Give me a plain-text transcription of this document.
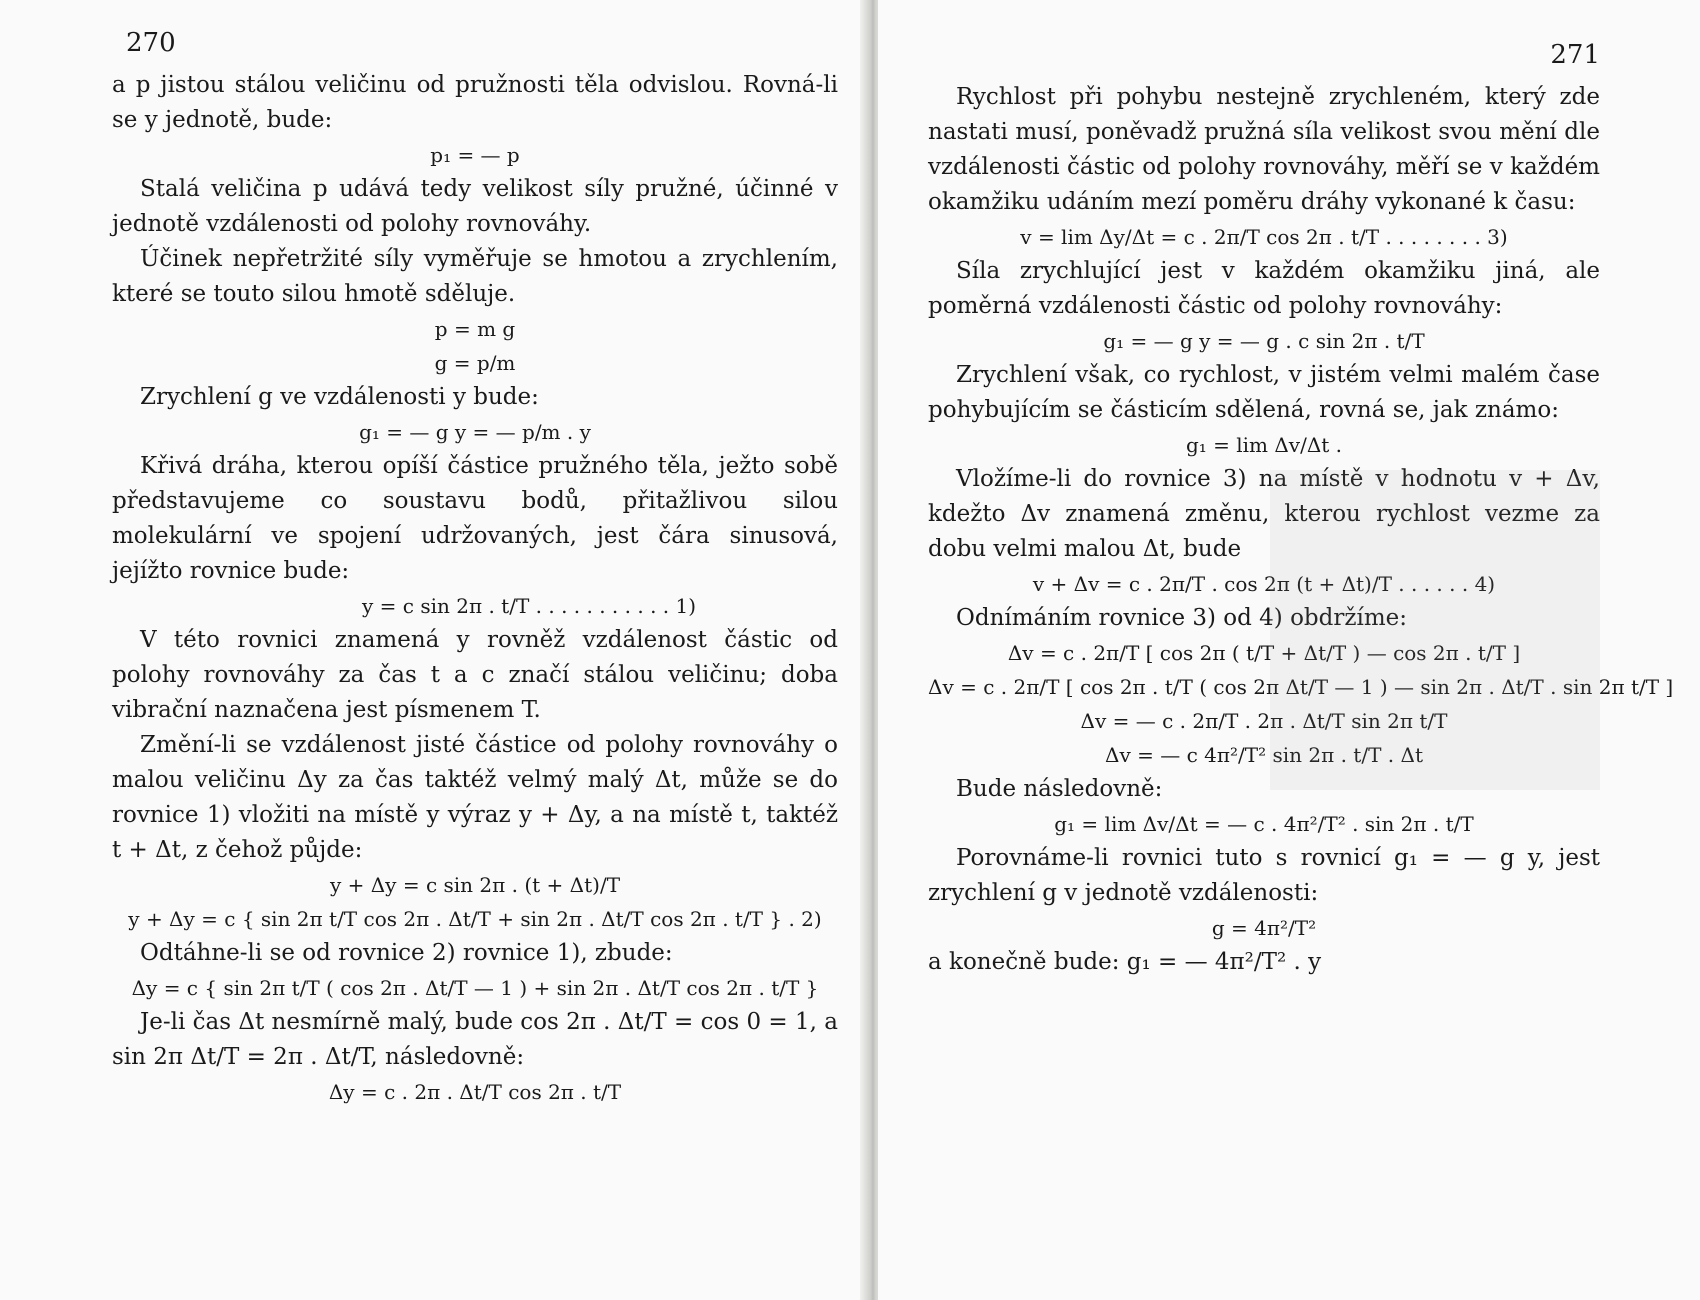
270

a p jistou stálou veličinu od pružnosti těla odvislou. Rovná-li se y jednotě, bude:

p₁ = — p

Stalá veličina p udává tedy velikost síly pružné, účinné v jednotě vzdálenosti od polohy rovnováhy.

Účinek nepřetržité síly vyměřuje se hmotou a zrychlením, které se touto silou hmotě sděluje.

p = m g
g = p/m

Zrychlení g ve vzdálenosti y bude:

g₁ = — g y = — p/m . y

Křivá dráha, kterou opíší částice pružného těla, ježto sobě představujeme co soustavu bodů, přitažlivou silou molekulární ve spojení udržovaných, jest čára sinusová, jejížto rovnice bude:

y = c sin 2π . t/T . . . . . . . . . . . 1)

V této rovnici znamená y rovněž vzdálenost částic od polohy rovnováhy za čas t a c značí stálou veličinu; doba vibrační naznačena jest písmenem T.

Změní-li se vzdálenost jisté částice od polohy rovnováhy o malou veličinu Δy za čas taktéž velmý malý Δt, může se do rovnice 1) vložiti na místě y výraz y + Δy, a na místě t, taktéž t + Δt, z čehož půjde:

y + Δy = c sin 2π . (t + Δt)/T
y + Δy = c { sin 2π t/T cos 2π . Δt/T + sin 2π . Δt/T cos 2π . t/T } . 2)

Odtáhne-li se od rovnice 2) rovnice 1), zbude:

Δy = c { sin 2π t/T ( cos 2π . Δt/T — 1 ) + sin 2π . Δt/T cos 2π . t/T }

Je-li čas Δt nesmírně malý, bude cos 2π . Δt/T = cos 0 = 1, a sin 2π Δt/T = 2π . Δt/T, následovně:

Δy = c . 2π . Δt/T cos 2π . t/T
271

Rychlost při pohybu nestejně zrychleném, který zde nastati musí, poněvadž pružná síla velikost svou mění dle vzdálenosti částic od polohy rovnováhy, měří se v každém okamžiku udáním mezí poměru dráhy vykonané k času:

v = lim Δy/Δt = c . 2π/T cos 2π . t/T . . . . . . . . 3)

Síla zrychlující jest v každém okamžiku jiná, ale poměrná vzdálenosti částic od polohy rovnováhy:

g₁ = — g y = — g . c sin 2π . t/T

Zrychlení však, co rychlost, v jistém velmi malém čase pohybujícím se částicím sdělená, rovná se, jak známo:

g₁ = lim Δv/Δt .

Vložíme-li do rovnice 3) na místě v hodnotu v + Δv, kdežto Δv znamená změnu, kterou rychlost vezme za dobu velmi malou Δt, bude

v + Δv = c . 2π/T . cos 2π (t + Δt)/T . . . . . . 4)

Odnímáním rovnice 3) od 4) obdržíme:

Δv = c . 2π/T [ cos 2π ( t/T + Δt/T ) — cos 2π . t/T ]
Δv = c . 2π/T [ cos 2π . t/T ( cos 2π Δt/T — 1 ) — sin 2π . Δt/T . sin 2π t/T ]
Δv = — c . 2π/T . 2π . Δt/T sin 2π t/T
Δv = — c 4π²/T² sin 2π . t/T . Δt

Bude následovně:

g₁ = lim Δv/Δt = — c . 4π²/T² . sin 2π . t/T

Porovnáme-li rovnici tuto s rovnicí g₁ = — g y, jest zrychlení g v jednotě vzdálenosti:

g = 4π²/T²

a konečně bude: g₁ = — 4π²/T² . y
